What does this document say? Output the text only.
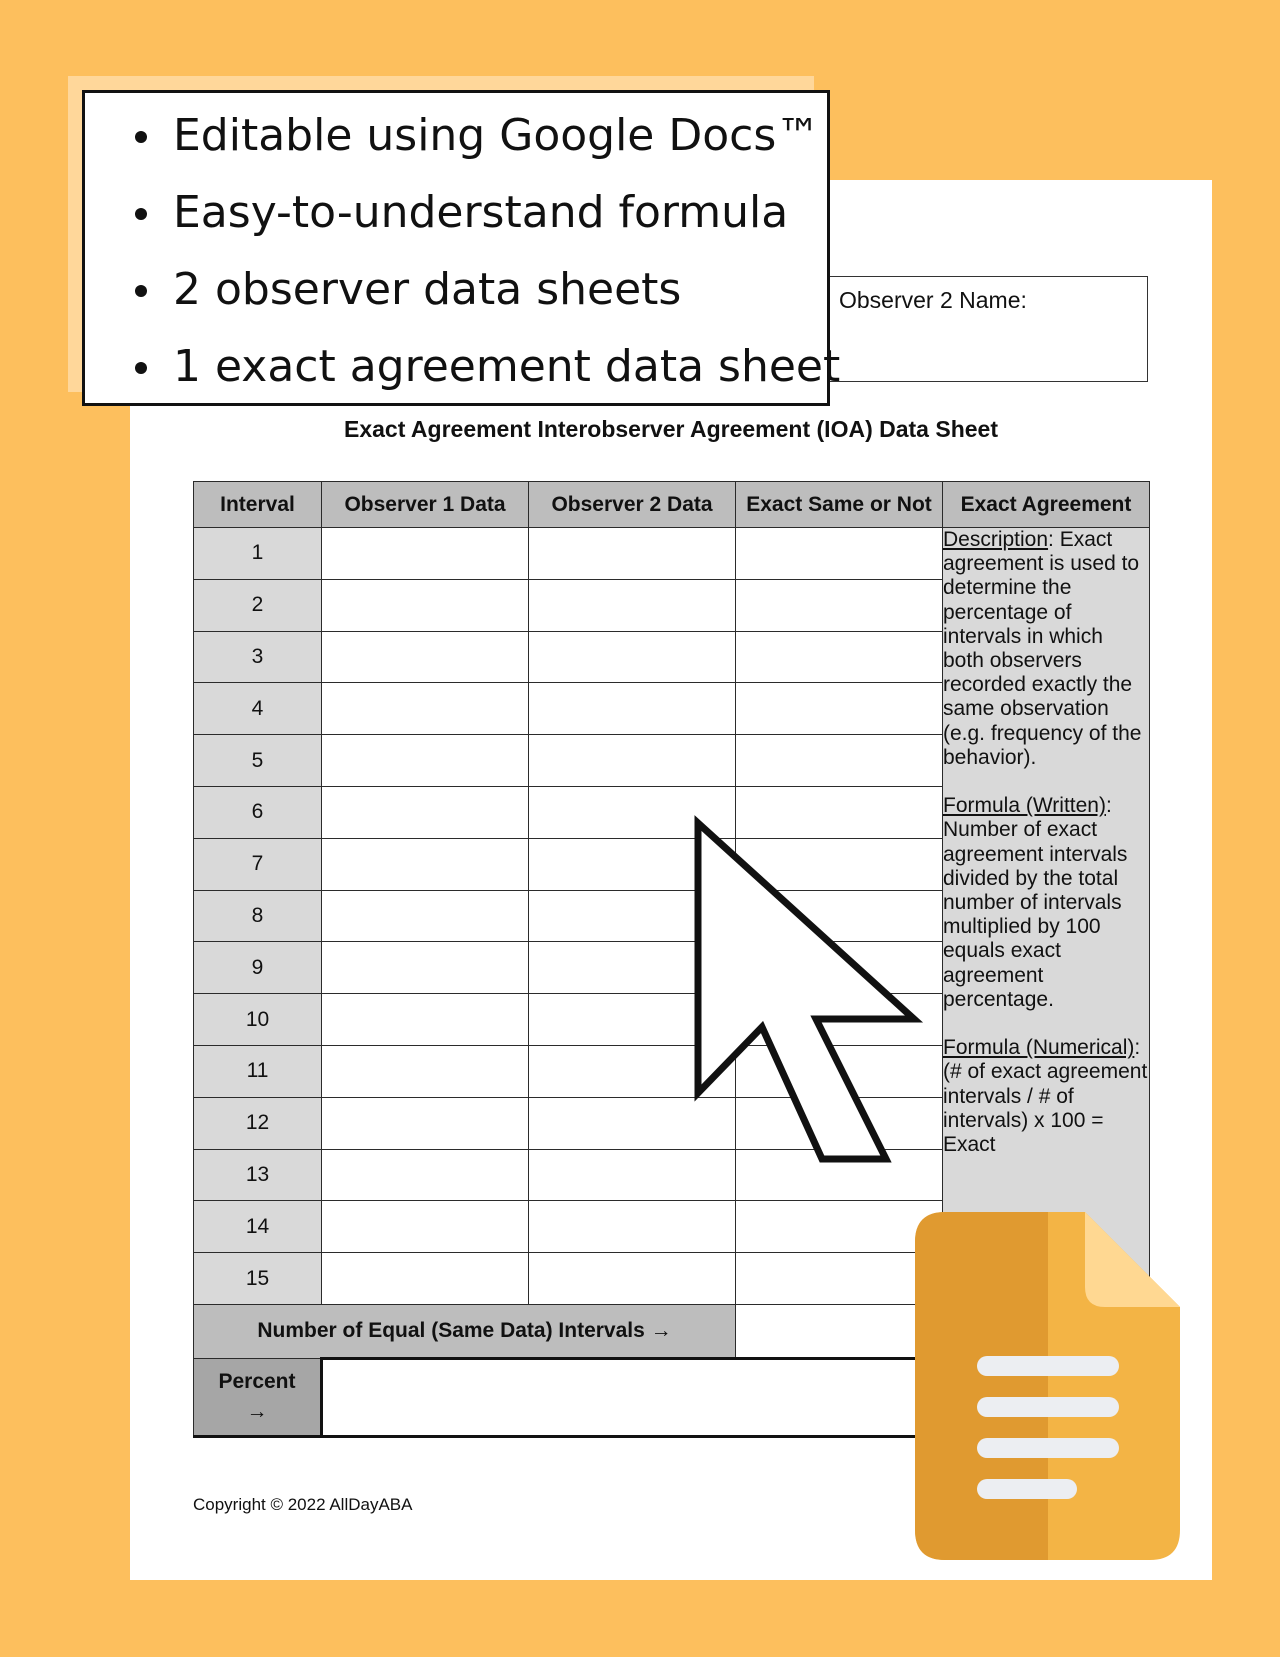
Observer 2 Name:
Exact Agreement Interobserver Agreement (IOA) Data Sheet
Interval	Observer 1 Data	Observer 2 Data	Exact Same or Not	Exact Agreement
1				Description: Exact agreement is used to determine the percentage of intervals in which both observers recorded exactly the same observation (e.g. frequency of the behavior).

Formula (Written): Number of exact agreement intervals divided by the total number of intervals multiplied by 100 equals exact agreement percentage.

Formula (Numerical): (# of exact agreement intervals / # of intervals) x 100 = Exact
2				
3				
4				
5				
6				
7				
8				
9				
10				
11				
12				
13				
14				
15				
Number of Equal (Same Data) Intervals →				
Percent
→				
Copyright © 2022 AllDayABA
Editable using Google Docs™
Easy-to-understand formula
2 observer data sheets
1 exact agreement data sheet
